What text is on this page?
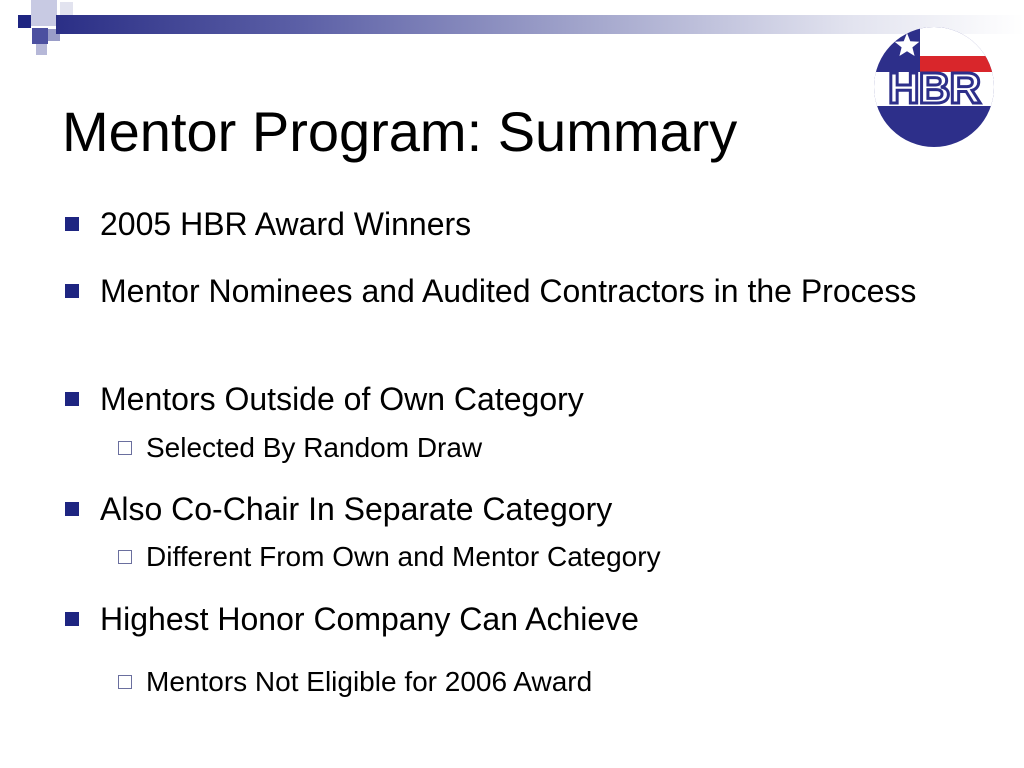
HBR
Mentor Program: Summary
2005 HBR Award Winners
Mentor Nominees and Audited Contractors in the Process
Mentors Outside of Own Category
Selected By Random Draw
Also Co-Chair In Separate Category
Different From Own and Mentor Category
Highest Honor Company Can Achieve
Mentors Not Eligible for 2006 Award
